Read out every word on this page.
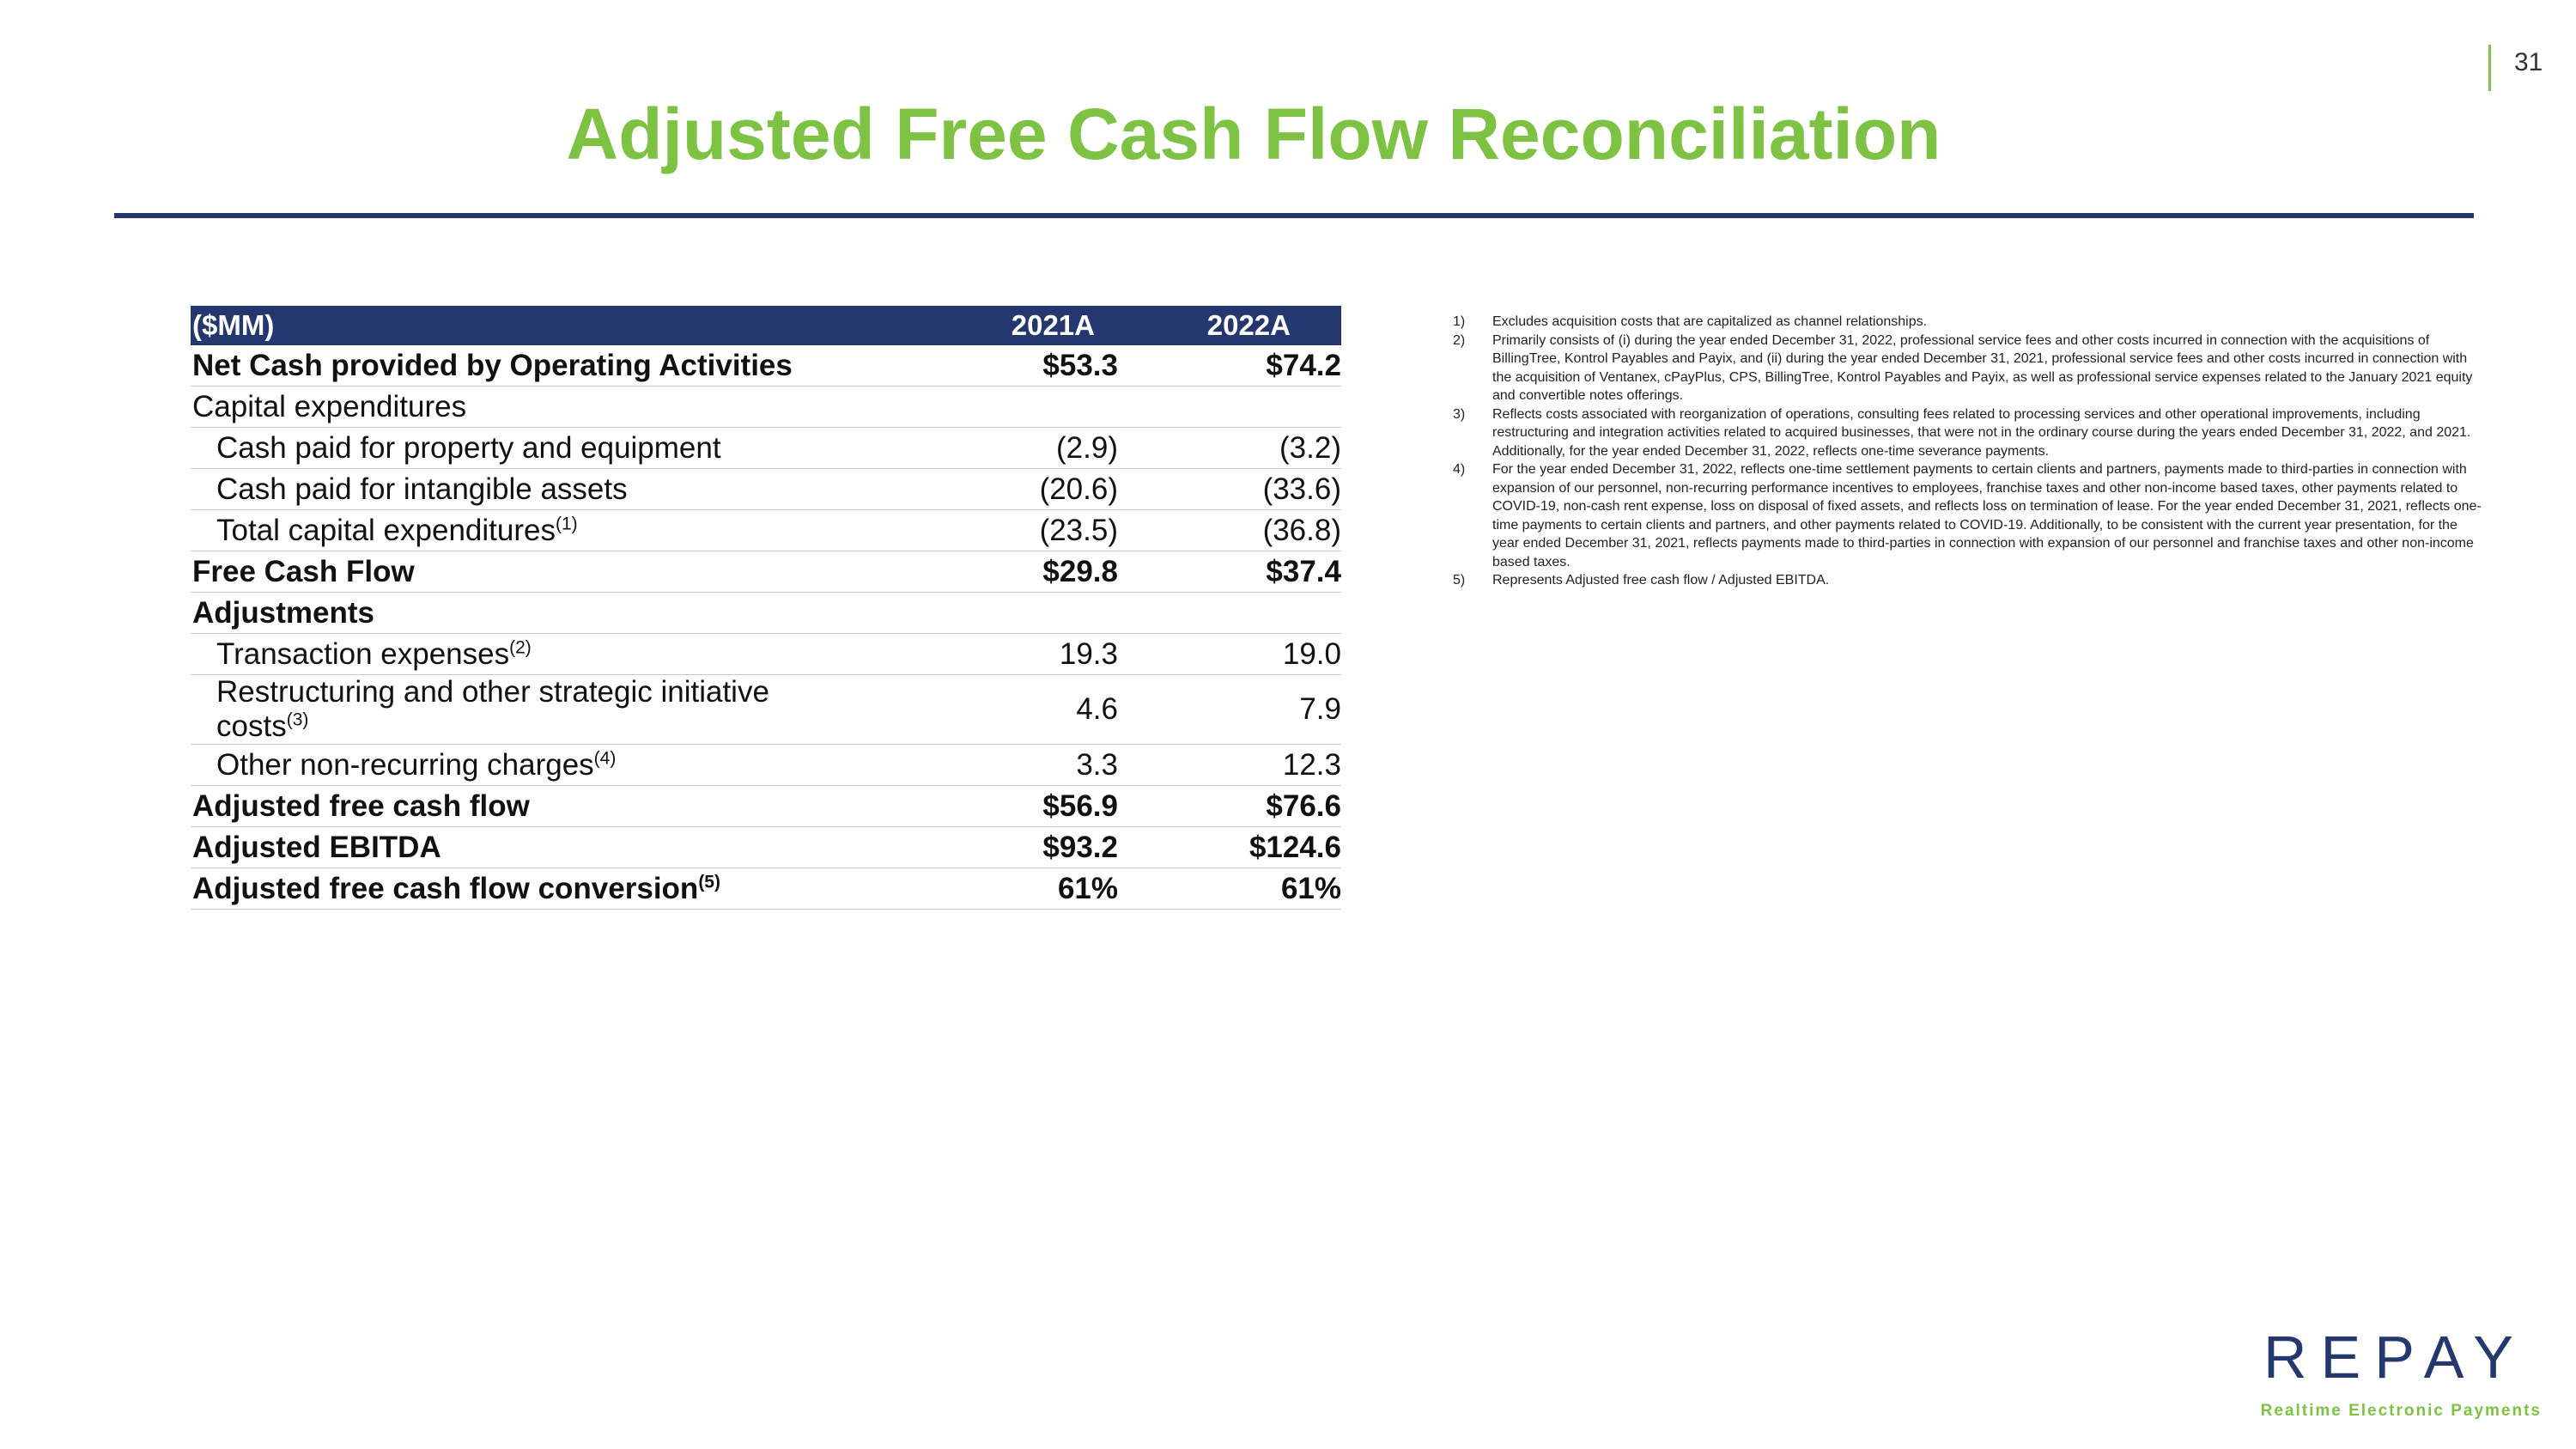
31
Adjusted Free Cash Flow Reconciliation
($MM)	2021A	2022A
Net Cash provided by Operating Activities	$53.3	$74.2
Capital expenditures
Cash paid for property and equipment	(2.9)	(3.2)
Cash paid for intangible assets	(20.6)	(33.6)
Total capital expenditures$^{(1)}$	(23.5)	(36.8)
Free Cash Flow	$29.8	$37.4
Adjustments
Transaction expenses$^{(2)}$	19.3	19.0
Restructuring and other strategic initiative costs$^{(3)}$	4.6	7.9
Other non-recurring charges$^{(4)}$	3.3	12.3
Adjusted free cash flow	$56.9	$76.6
Adjusted EBITDA	$93.2	$124.6
Adjusted free cash flow conversion$^{(5)}$	61%	61%
1)	Excludes acquisition costs that are capitalized as channel relationships.
2)	Primarily consists of (i) during the year ended December 31, 2022, professional service fees and other costs incurred in connection with the acquisitions of BillingTree, Kontrol Payables and Payix, and (ii) during the year ended December 31, 2021, professional service fees and other costs incurred in connection with the acquisition of Ventanex, cPayPlus, CPS, BillingTree, Kontrol Payables and Payix, as well as professional service expenses related to the January 2021 equity and convertible notes offerings.
3)	Reflects costs associated with reorganization of operations, consulting fees related to processing services and other operational improvements, including restructuring and integration activities related to acquired businesses, that were not in the ordinary course during the years ended December 31, 2022, and 2021. Additionally, for the year ended December 31, 2022, reflects one-time severance payments.
4)	For the year ended December 31, 2022, reflects one-time settlement payments to certain clients and partners, payments made to third-parties in connection with expansion of our personnel, non-recurring performance incentives to employees, franchise taxes and other non-income based taxes, other payments related to COVID-19, non-cash rent expense, loss on disposal of fixed assets, and reflects loss on termination of lease. For the year ended December 31, 2021, reflects one-time payments to certain clients and partners, and other payments related to COVID-19. Additionally, to be consistent with the current year presentation, for the year ended December 31, 2021, reflects payments made to third-parties in connection with expansion of our personnel and franchise taxes and other non-income based taxes.
5)	Represents Adjusted free cash flow / Adjusted EBITDA.
REPAY
Realtime Electronic Payments
